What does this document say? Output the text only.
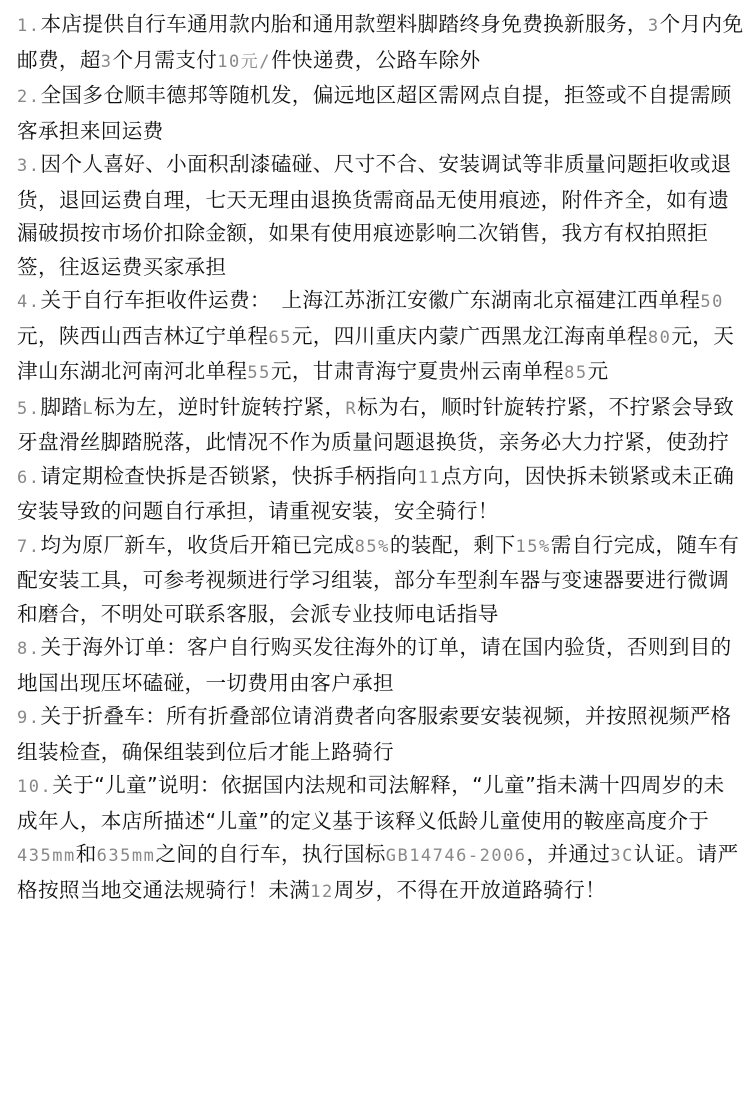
1.本店提供自行车通用款内胎和通用款塑料脚踏终身免费换新服务，3个月内免邮费，超3个月需支付10元/件快递费，公路车除外
2.全国多仓顺丰德邦等随机发，偏远地区超区需网点自提，拒签或不自提需顾客承担来回运费
3.因个人喜好、小面积刮漆磕碰、尺寸不合、安装调试等非质量问题拒收或退货，退回运费自理，七天无理由退换货需商品无使用痕迹，附件齐全，如有遗漏破损按市场价扣除金额，如果有使用痕迹影响二次销售，我方有权拍照拒签，往返运费买家承担
4.关于自行车拒收件运费：　上海江苏浙江安徽广东湖南北京福建江西单程50元，陕西山西吉林辽宁单程65元，四川重庆内蒙广西黑龙江海南单程80元，天津山东湖北河南河北单程55元，甘肃青海宁夏贵州云南单程85元
5.脚踏L标为左，逆时针旋转拧紧，R标为右，顺时针旋转拧紧，不拧紧会导致牙盘滑丝脚踏脱落，此情况不作为质量问题退换货，亲务必大力拧紧，使劲拧
6.请定期检查快拆是否锁紧，快拆手柄指向11点方向，因快拆未锁紧或未正确安装导致的问题自行承担，请重视安装，安全骑行！
7.均为原厂新车，收货后开箱已完成85%的装配，剩下15%需自行完成，随车有配安装工具，可参考视频进行学习组装，部分车型刹车器与变速器要进行微调和磨合，不明处可联系客服，会派专业技师电话指导
8.关于海外订单：客户自行购买发往海外的订单，请在国内验货，否则到目的地国出现压坏磕碰，一切费用由客户承担
9.关于折叠车：所有折叠部位请消费者向客服索要安装视频，并按照视频严格组装检查，确保组装到位后才能上路骑行
10.关于“儿童”说明：依据国内法规和司法解释，“儿童”指未满十四周岁的未成年人，本店所描述“儿童”的定义基于该释义低龄儿童使用的鞍座高度介于435mm和635mm之间的自行车，执行国标GB14746-2006，并通过3C认证。请严格按照当地交通法规骑行！未满12周岁，不得在开放道路骑行！
